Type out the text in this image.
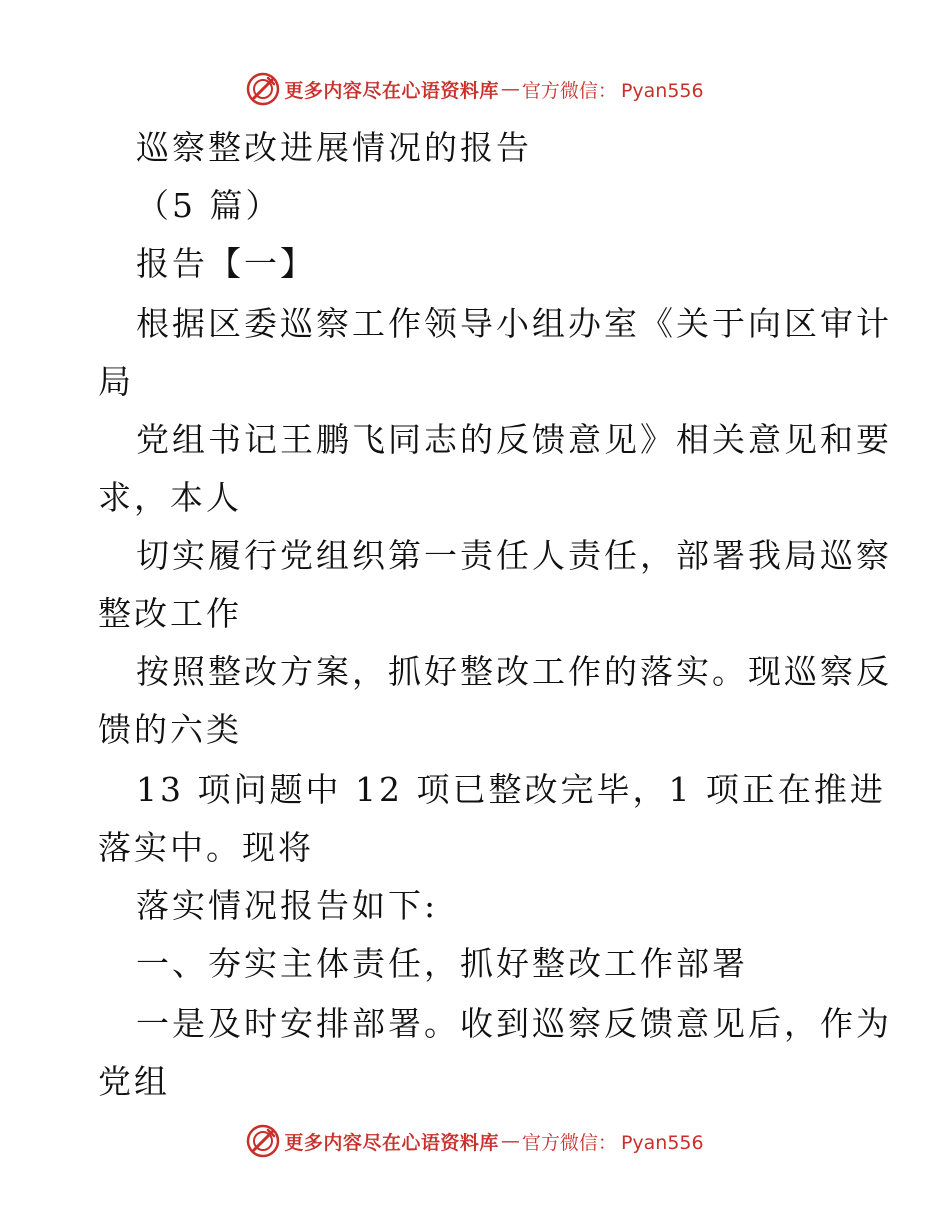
更多内容尽在心语资料库 — 官方微信： Pyan556
巡察整改进展情况的报告
（5 篇）
报告【一】
根据区委巡察工作领导小组办室《关于向区审计
局
党组书记王鹏飞同志的反馈意见》相关意见和要
求，本人
切实履行党组织第一责任人责任，部署我局巡察
整改工作
按照整改方案，抓好整改工作的落实。现巡察反
馈的六类
13 项问题中 12 项已整改完毕，1 项正在推进
落实中。现将
落实情况报告如下:
一、夯实主体责任，抓好整改工作部署
一是及时安排部署。收到巡察反馈意见后，作为
党组
更多内容尽在心语资料库 — 官方微信： Pyan556
